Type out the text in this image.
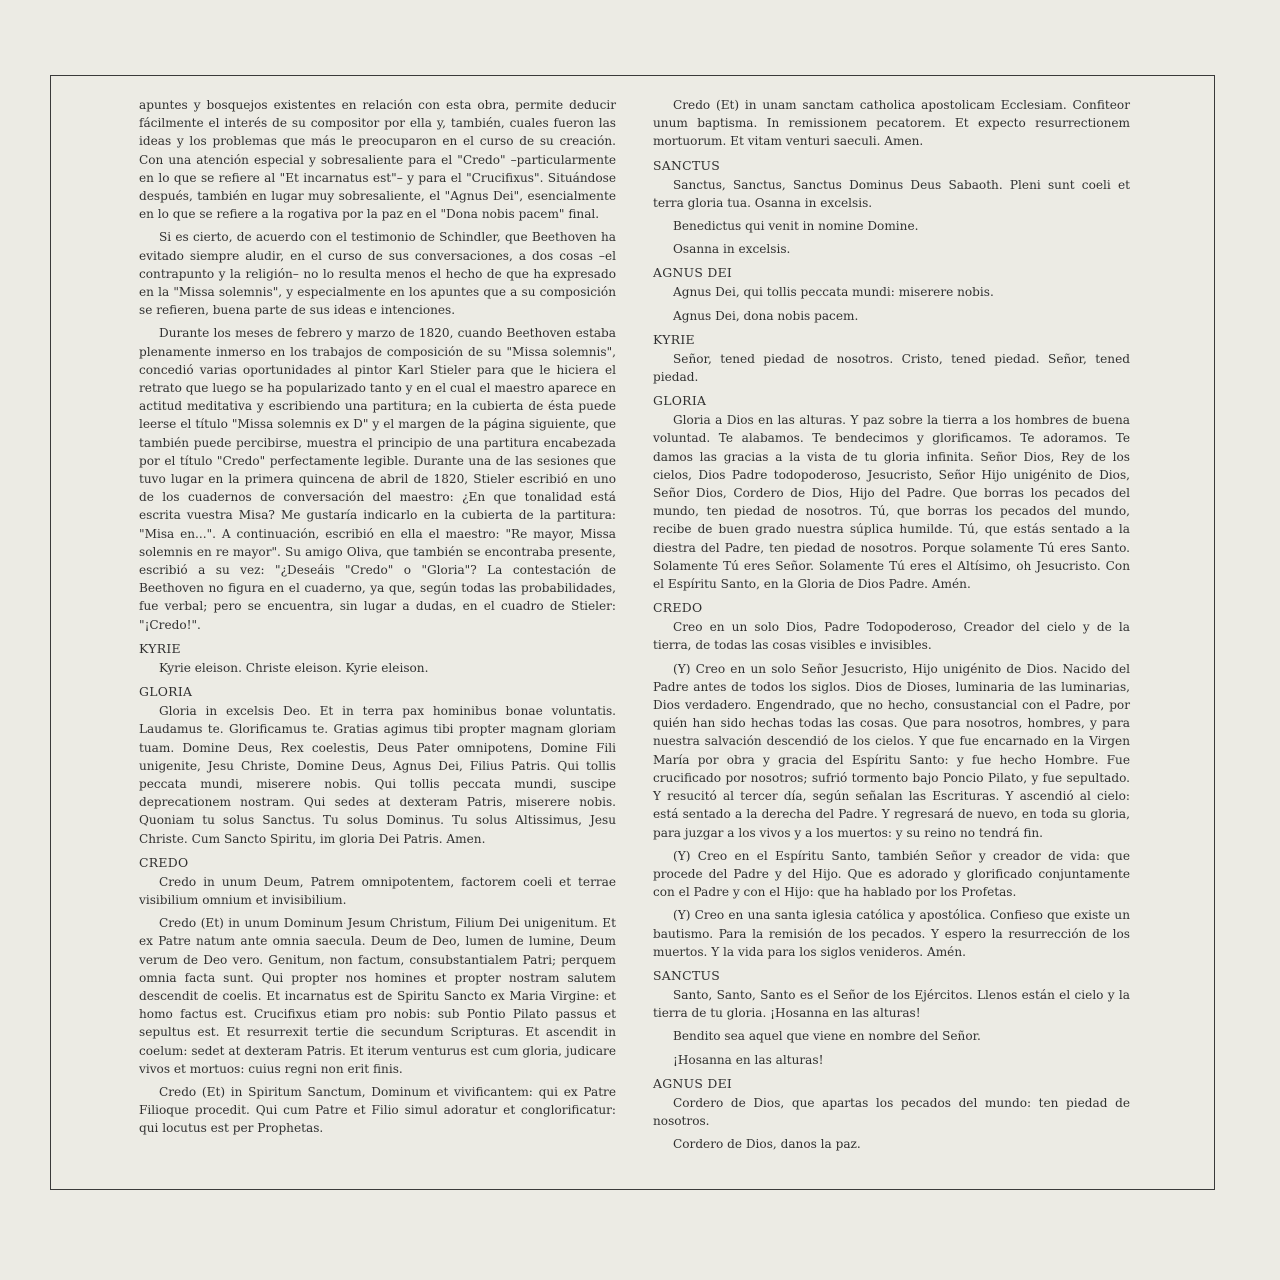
apuntes y bosquejos existentes en relación con esta obra, permite deducir fácilmente el interés de su compositor por ella y, también, cuales fueron las ideas y los problemas que más le preocuparon en el curso de su creación. Con una atención especial y sobresaliente para el "Credo" –particularmente en lo que se refiere al "Et incarnatus est"– y para el "Crucifixus". Situándose después, también en lugar muy sobresaliente, el "Agnus Dei", esencialmente en lo que se refiere a la rogativa por la paz en el "Dona nobis pacem" final.

Si es cierto, de acuerdo con el testimonio de Schindler, que Beethoven ha evitado siempre aludir, en el curso de sus conversaciones, a dos cosas –el contrapunto y la religión– no lo resulta menos el hecho de que ha expresado en la "Missa solemnis", y especialmente en los apuntes que a su composición se refieren, buena parte de sus ideas e intenciones.

Durante los meses de febrero y marzo de 1820, cuando Beethoven estaba plenamente inmerso en los trabajos de composición de su "Missa solemnis", concedió varias oportunidades al pintor Karl Stieler para que le hiciera el retrato que luego se ha popularizado tanto y en el cual el maestro aparece en actitud meditativa y escribiendo una partitura; en la cubierta de ésta puede leerse el título "Missa solemnis ex D" y el margen de la página siguiente, que también puede percibirse, muestra el principio de una partitura encabezada por el título "Credo" perfectamente legible. Durante una de las sesiones que tuvo lugar en la primera quincena de abril de 1820, Stieler escribió en uno de los cuadernos de conversación del maestro: ¿En que tonalidad está escrita vuestra Misa? Me gustaría indicarlo en la cubierta de la partitura: "Misa en...". A continuación, escribió en ella el maestro: "Re mayor, Missa solemnis en re mayor". Su amigo Oliva, que también se encontraba presente, escribió a su vez: "¿Deseáis "Credo" o "Gloria"? La contestación de Beethoven no figura en el cuaderno, ya que, según todas las probabilidades, fue verbal; pero se encuentra, sin lugar a dudas, en el cuadro de Stieler: "¡Credo!".

KYRIE

Kyrie eleison. Christe eleison. Kyrie eleison.

GLORIA

Gloria in excelsis Deo. Et in terra pax hominibus bonae voluntatis. Laudamus te. Glorificamus te. Gratias agimus tibi propter magnam gloriam tuam. Domine Deus, Rex coelestis, Deus Pater omnipotens, Domine Fili unigenite, Jesu Christe, Domine Deus, Agnus Dei, Filius Patris. Qui tollis peccata mundi, miserere nobis. Qui tollis peccata mundi, suscipe deprecationem nostram. Qui sedes at dexteram Patris, miserere nobis. Quoniam tu solus Sanctus. Tu solus Dominus. Tu solus Altissimus, Jesu Christe. Cum Sancto Spiritu, im gloria Dei Patris. Amen.

CREDO

Credo in unum Deum, Patrem omnipotentem, factorem coeli et terrae visibilium omnium et invisibilium.

Credo (Et) in unum Dominum Jesum Christum, Filium Dei unigenitum. Et ex Patre natum ante omnia saecula. Deum de Deo, lumen de lumine, Deum verum de Deo vero. Genitum, non factum, consubstantialem Patri; perquem omnia facta sunt. Qui propter nos homines et propter nostram salutem descendit de coelis. Et incarnatus est de Spiritu Sancto ex Maria Virgine: et homo factus est. Crucifixus etiam pro nobis: sub Pontio Pilato passus et sepultus est. Et resurrexit tertie die secundum Scripturas. Et ascendit in coelum: sedet at dexteram Patris. Et iterum venturus est cum gloria, judicare vivos et mortuos: cuius regni non erit finis.

Credo (Et) in Spiritum Sanctum, Dominum et vivificantem: qui ex Patre Filioque procedit. Qui cum Patre et Filio simul adoratur et conglorificatur: qui locutus est per Prophetas.

Credo (Et) in unam sanctam catholica apostolicam Ecclesiam. Confiteor unum baptisma. In remissionem pecatorem. Et expecto resurrectionem mortuorum. Et vitam venturi saeculi. Amen.

SANCTUS

Sanctus, Sanctus, Sanctus Dominus Deus Sabaoth. Pleni sunt coeli et terra gloria tua. Osanna in excelsis.

Benedictus qui venit in nomine Domine.

Osanna in excelsis.

AGNUS DEI

Agnus Dei, qui tollis peccata mundi: miserere nobis.

Agnus Dei, dona nobis pacem.

KYRIE

Señor, tened piedad de nosotros. Cristo, tened piedad. Señor, tened piedad.

GLORIA

Gloria a Dios en las alturas. Y paz sobre la tierra a los hombres de buena voluntad. Te alabamos. Te bendecimos y glorificamos. Te adoramos. Te damos las gracias a la vista de tu gloria infinita. Señor Dios, Rey de los cielos, Dios Padre todopoderoso, Jesucristo, Señor Hijo unigénito de Dios, Señor Dios, Cordero de Dios, Hijo del Padre. Que borras los pecados del mundo, ten piedad de nosotros. Tú, que borras los pecados del mundo, recibe de buen grado nuestra súplica humilde. Tú, que estás sentado a la diestra del Padre, ten piedad de nosotros. Porque solamente Tú eres Santo. Solamente Tú eres Señor. Solamente Tú eres el Altísimo, oh Jesucristo. Con el Espíritu Santo, en la Gloria de Dios Padre. Amén.

CREDO

Creo en un solo Dios, Padre Todopoderoso, Creador del cielo y de la tierra, de todas las cosas visibles e invisibles.

(Y) Creo en un solo Señor Jesucristo, Hijo unigénito de Dios. Nacido del Padre antes de todos los siglos. Dios de Dioses, luminaria de las luminarias, Dios verdadero. Engendrado, que no hecho, consustancial con el Padre, por quién han sido hechas todas las cosas. Que para nosotros, hombres, y para nuestra salvación descendió de los cielos. Y que fue encarnado en la Virgen María por obra y gracia del Espíritu Santo: y fue hecho Hombre. Fue crucificado por nosotros; sufrió tormento bajo Poncio Pilato, y fue sepultado. Y resucitó al tercer día, según señalan las Escrituras. Y ascendió al cielo: está sentado a la derecha del Padre. Y regresará de nuevo, en toda su gloria, para juzgar a los vivos y a los muertos: y su reino no tendrá fin.

(Y) Creo en el Espíritu Santo, también Señor y creador de vida: que procede del Padre y del Hijo. Que es adorado y glorificado conjuntamente con el Padre y con el Hijo: que ha hablado por los Profetas.

(Y) Creo en una santa iglesia católica y apostólica. Confieso que existe un bautismo. Para la remisión de los pecados. Y espero la resurrección de los muertos. Y la vida para los siglos venideros. Amén.

SANCTUS

Santo, Santo, Santo es el Señor de los Ejércitos. Llenos están el cielo y la tierra de tu gloria. ¡Hosanna en las alturas!

Bendito sea aquel que viene en nombre del Señor.

¡Hosanna en las alturas!

AGNUS DEI

Cordero de Dios, que apartas los pecados del mundo: ten piedad de nosotros.

Cordero de Dios, danos la paz.
